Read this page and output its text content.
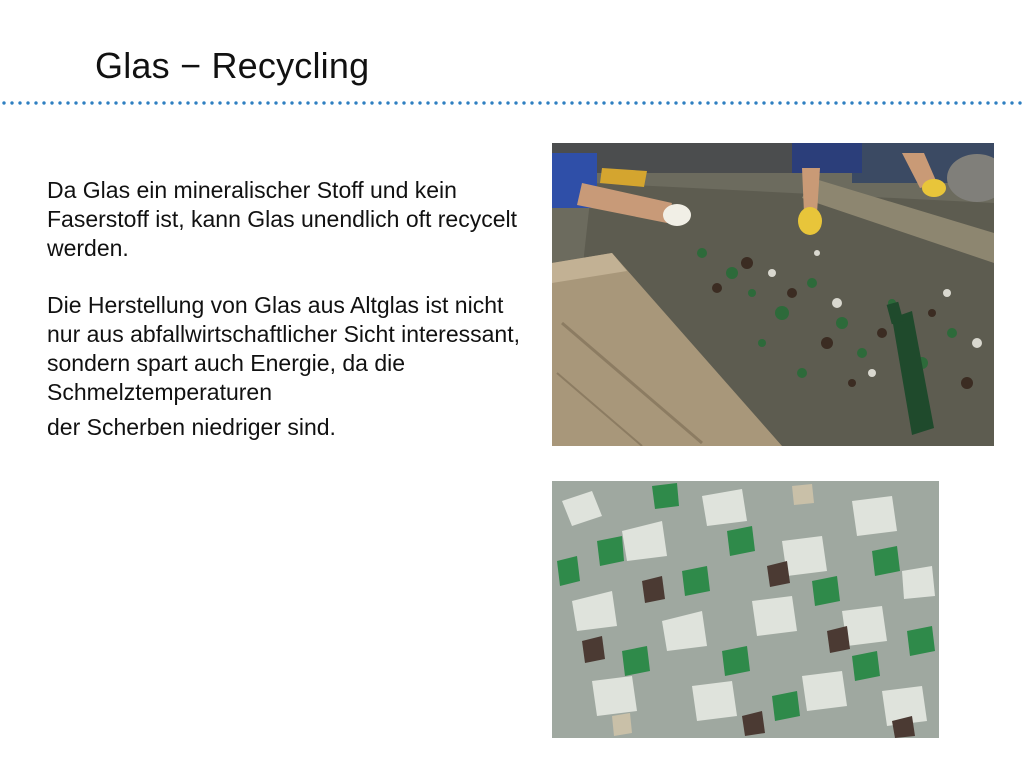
Glas − Recycling

Da Glas ein mineralischer Stoff und kein Faserstoff ist, kann Glas unendlich oft recycelt werden.

Die Herstellung von Glas aus Altglas ist nicht nur aus abfallwirtschaftlicher Sicht interessant, sondern spart auch Energie, da die Schmelztemperaturen
der Scherben niedriger sind.
